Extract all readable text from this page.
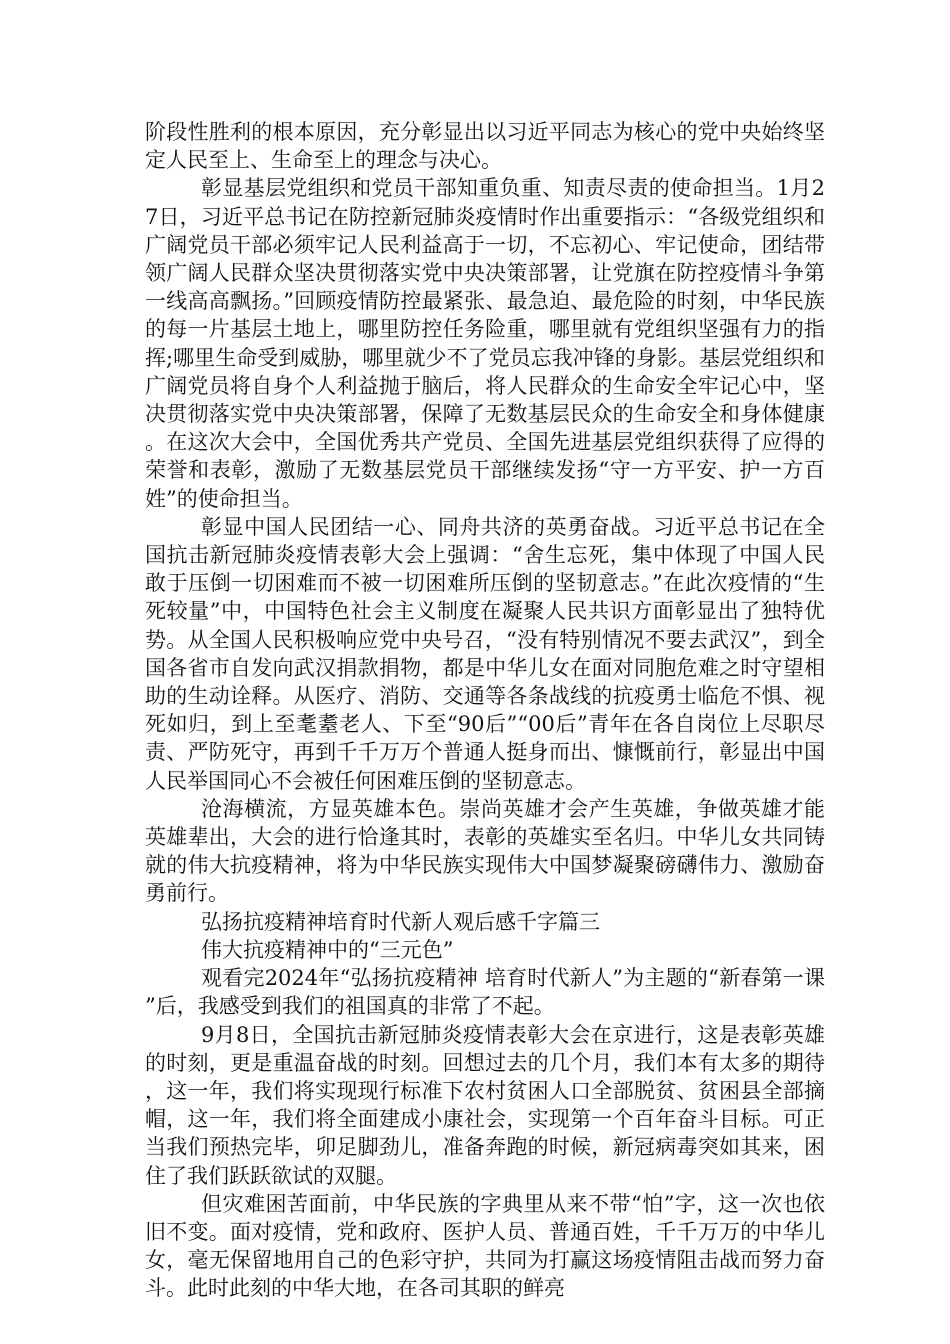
阶段性胜利的根本原因，充分彰显出以习近平同志为核心的党中央始终坚定人民至上、生命至上的理念与决心。

彰显基层党组织和党员干部知重负重、知责尽责的使命担当。1月27日，习近平总书记在防控新冠肺炎疫情时作出重要指示：“各级党组织和广阔党员干部必须牢记人民利益高于一切，不忘初心、牢记使命，团结带领广阔人民群众坚决贯彻落实党中央决策部署，让党旗在防控疫情斗争第一线高高飘扬。”回顾疫情防控最紧张、最急迫、最危险的时刻，中华民族的每一片基层土地上，哪里防控任务险重，哪里就有党组织坚强有力的指挥;哪里生命受到威胁，哪里就少不了党员忘我冲锋的身影。基层党组织和广阔党员将自身个人利益抛于脑后，将人民群众的生命安全牢记心中，坚决贯彻落实党中央决策部署，保障了无数基层民众的生命安全和身体健康。在这次大会中，全国优秀共产党员、全国先进基层党组织获得了应得的荣誉和表彰，激励了无数基层党员干部继续发扬“守一方平安、护一方百姓”的使命担当。

彰显中国人民团结一心、同舟共济的英勇奋战。习近平总书记在全国抗击新冠肺炎疫情表彰大会上强调：“舍生忘死，集中体现了中国人民敢于压倒一切困难而不被一切困难所压倒的坚韧意志。”在此次疫情的“生死较量”中，中国特色社会主义制度在凝聚人民共识方面彰显出了独特优势。从全国人民积极响应党中央号召，“没有特别情况不要去武汉”，到全国各省市自发向武汉捐款捐物，都是中华儿女在面对同胞危难之时守望相助的生动诠释。从医疗、消防、交通等各条战线的抗疫勇士临危不惧、视死如归，到上至耄耋老人、下至“90后”“00后”青年在各自岗位上尽职尽责、严防死守，再到千千万万个普通人挺身而出、慷慨前行，彰显出中国人民举国同心不会被任何困难压倒的坚韧意志。

沧海横流，方显英雄本色。崇尚英雄才会产生英雄，争做英雄才能英雄辈出，大会的进行恰逢其时，表彰的英雄实至名归。中华儿女共同铸就的伟大抗疫精神，将为中华民族实现伟大中国梦凝聚磅礴伟力、激励奋勇前行。

弘扬抗疫精神培育时代新人观后感千字篇三

伟大抗疫精神中的“三元色”

观看完2024年“弘扬抗疫精神 培育时代新人”为主题的“新春第一课”后，我感受到我们的祖国真的非常了不起。

9月8日，全国抗击新冠肺炎疫情表彰大会在京进行，这是表彰英雄的时刻，更是重温奋战的时刻。回想过去的几个月，我们本有太多的期待，这一年，我们将实现现行标准下农村贫困人口全部脱贫、贫困县全部摘帽，这一年，我们将全面建成小康社会，实现第一个百年奋斗目标。可正当我们预热完毕，卯足脚劲儿，准备奔跑的时候，新冠病毒突如其来，困住了我们跃跃欲试的双腿。

但灾难困苦面前，中华民族的字典里从来不带“怕”字，这一次也依旧不变。面对疫情，党和政府、医护人员、普通百姓，千千万万的中华儿女，毫无保留地用自己的色彩守护，共同为打赢这场疫情阻击战而努力奋斗。此时此刻的中华大地，在各司其职的鲜亮
